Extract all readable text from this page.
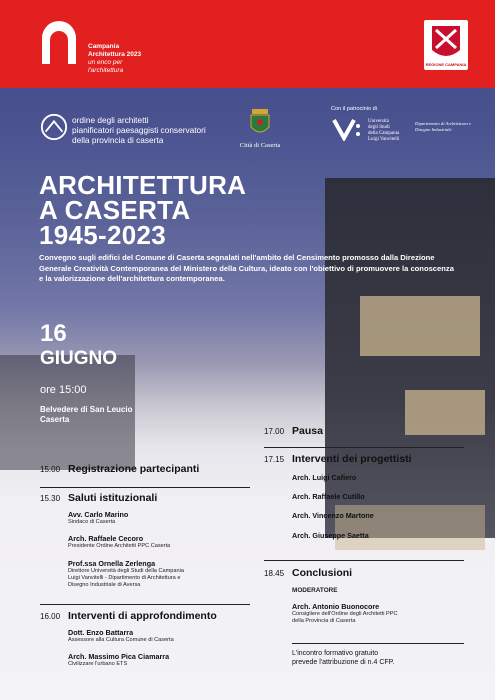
23
Campania
Architettura 2023
un enco per
l'architettura
REGIONE CAMPANIA
ordine degli architetti
pianificatori paesaggisti conservatori
della provincia di caserta
Città di Caserta
Con il patrocinio di
Università
degli Studi
della Campania
Luigi Vanvitelli
Dipartimento di Architettura e
Disegno Industriale
ARCHITETTURA
A CASERTA
1945-2023
Convegno sugli edifici del Comune di Caserta segnalati nell'ambito del Censimento promosso dalla Direzione Generale Creatività Contemporanea del Ministero della Cultura, ideato con l'obiettivo di promuovere la conoscenza e la valorizzazione dell'architettura contemporanea.
16
GIUGNO
ore 15:00
Belvedere di San Leucio
Caserta
15.00 Registrazione partecipanti
15.30 Saluti istituzionali
Avv. Carlo Marino
Sindaco di Caserta
Arch. Raffaele Cecoro
Presidente Ordine Architetti PPC Caserta
Prof.ssa Ornella Zerlenga
Direttore Università degli Studi della Campania
Luigi Vanvitelli - Dipartimento di Architettura e
Disegno Industriale di Aversa
16.00 Interventi di approfondimento
Dott. Enzo Battarra
Assessore alla Cultura Comune di Caserta
Arch. Massimo Pica Ciamarra
Civilizzare l'urbano ETS
17.00 Pausa
17.15 Interventi dei progettisti
Arch. Luigi Cafiero
Arch. Raffaele Cutillo
Arch. Vincenzo Martone
Arch. Giuseppe Saetta
18.45 Conclusioni
MODERATORE
Arch. Antonio Buonocore
Consigliere dell'Ordine degli Architetti PPC
della Provincia di Caserta
L'incontro formativo gratuito
prevede l'attribuzione di n.4 CFP.
